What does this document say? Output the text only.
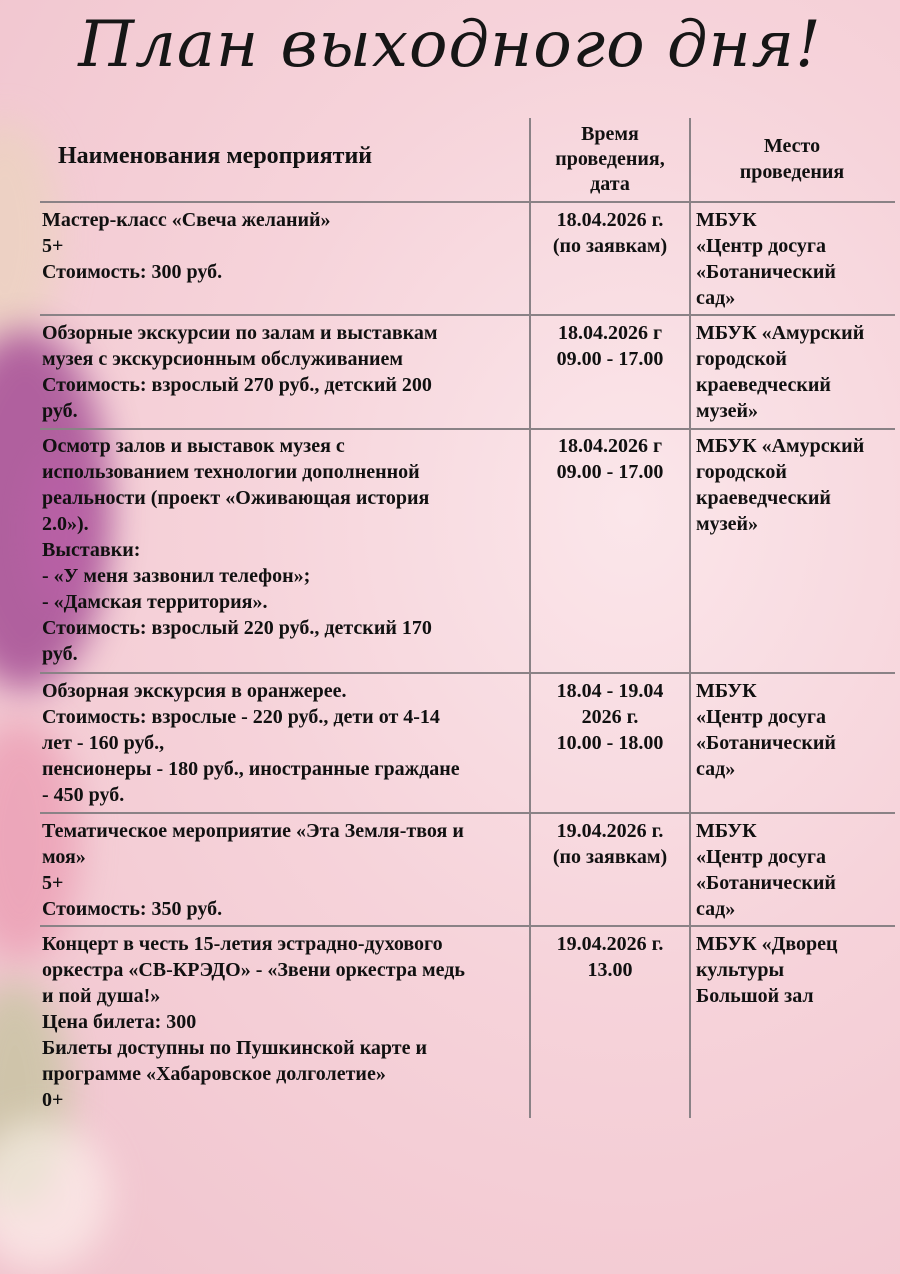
План выходного дня!
Наименования мероприятий
Время
проведения,
дата
Место
проведения
Мастер-класс «Свеча желаний»
5+
Стоимость: 300 руб.
18.04.2026 г.
(по заявкам)
МБУК
«Центр досуга
«Ботанический
сад»
Обзорные экскурсии по залам и выставкам
музея с экскурсионным обслуживанием
Стоимость: взрослый 270 руб., детский 200
руб.
18.04.2026 г
09.00 - 17.00
МБУК «Амурский
городской
краеведческий
музей»
Осмотр залов и выставок музея с
использованием технологии дополненной
реальности (проект «Оживающая история
2.0»).
Выставки:
- «У меня зазвонил телефон»;
- «Дамская территория».
Стоимость: взрослый 220 руб., детский 170
руб.
18.04.2026 г
09.00 - 17.00
МБУК «Амурский
городской
краеведческий
музей»
Обзорная экскурсия в оранжерее.
Стоимость: взрослые - 220 руб., дети от 4-14
лет - 160 руб.,
пенсионеры - 180 руб., иностранные граждане
- 450 руб.
18.04 - 19.04
2026 г.
10.00 - 18.00
МБУК
«Центр досуга
«Ботанический
сад»
Тематическое мероприятие «Эта Земля-твоя и
моя»
5+
Стоимость: 350 руб.
19.04.2026 г.
(по заявкам)
МБУК
«Центр досуга
«Ботанический
сад»
Концерт в честь 15-летия эстрадно-духового
оркестра «СВ-КРЭДО» - «Звени оркестра медь
и пой душа!»
Цена билета: 300
Билеты доступны по Пушкинской карте и
программе «Хабаровское долголетие»
0+
19.04.2026 г.
13.00
МБУК «Дворец
культуры
Большой зал
